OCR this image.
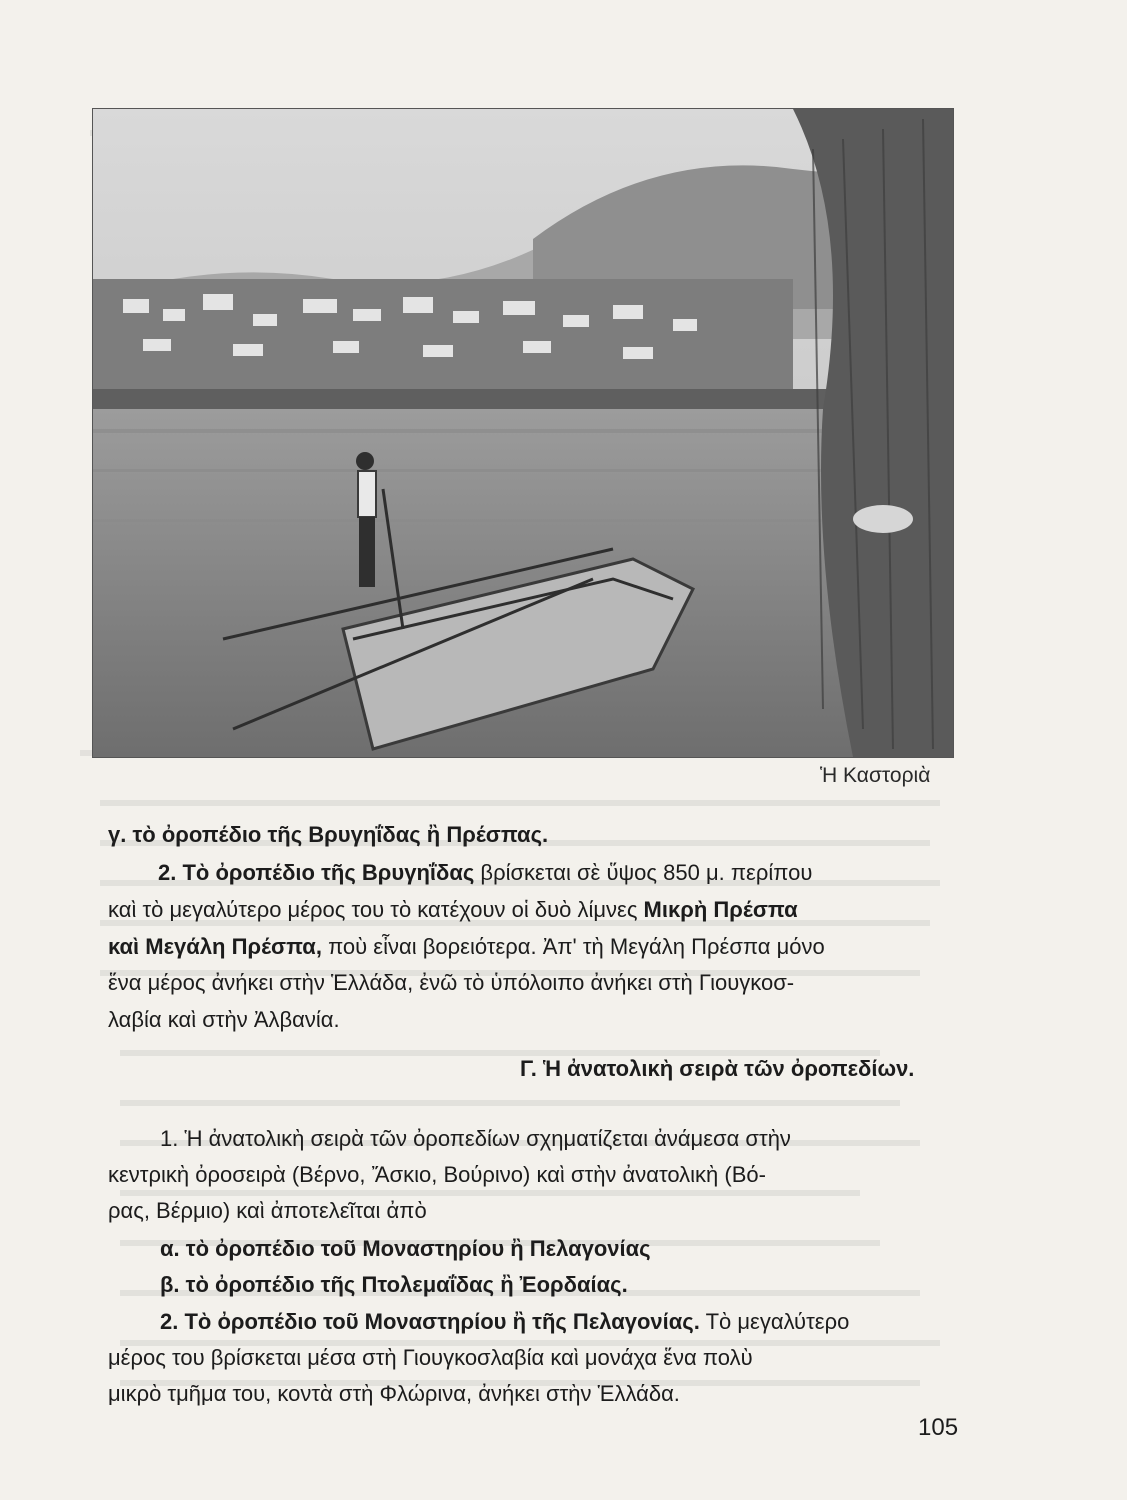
Ἡ Καστοριὰ
γ. τὸ ὀροπέδιο τῆς Βρυγηΐδας ἢ Πρέσπας.
2. Τὸ ὀροπέδιο τῆς Βρυγηΐδας βρίσκεται σὲ ὕψος 850 μ. περίπου
καὶ τὸ μεγαλύτερο μέρος του τὸ κατέχουν οἱ δυὸ λίμνες Μικρὴ Πρέσπα
καὶ Μεγάλη Πρέσπα, ποὺ εἶναι βορειότερα. Ἀπ' τὴ Μεγάλη Πρέσπα μόνο
ἕνα μέρος ἀνήκει στὴν Ἑλλάδα, ἐνῶ τὸ ὑπόλοιπο ἀνήκει στὴ Γιουγκοσ-
λαβία καὶ στὴν Ἀλβανία.
Γ. Ἡ ἀνατολικὴ σειρὰ τῶν ὀροπεδίων.
1. Ἡ ἀνατολικὴ σειρὰ τῶν ὀροπεδίων σχηματίζεται ἀνάμεσα στὴν
κεντρικὴ ὀροσειρὰ (Βέρνο, Ἄσκιο, Βούρινο) καὶ στὴν ἀνατολικὴ (Βό-
ρας, Βέρμιο) καὶ ἀποτελεῖται ἀπὸ
α. τὸ ὀροπέδιο τοῦ Μοναστηρίου ἢ Πελαγονίας
β. τὸ ὀροπέδιο τῆς Πτολεμαΐδας ἢ Ἐορδαίας.
2. Τὸ ὀροπέδιο τοῦ Μοναστηρίου ἢ τῆς Πελαγονίας. Τὸ μεγαλύτερο
μέρος του βρίσκεται μέσα στὴ Γιουγκοσλαβία καὶ μονάχα ἕνα πολὺ
μικρὸ τμῆμα του, κοντὰ στὴ Φλώρινα, ἀνήκει στὴν Ἑλλάδα.
105
